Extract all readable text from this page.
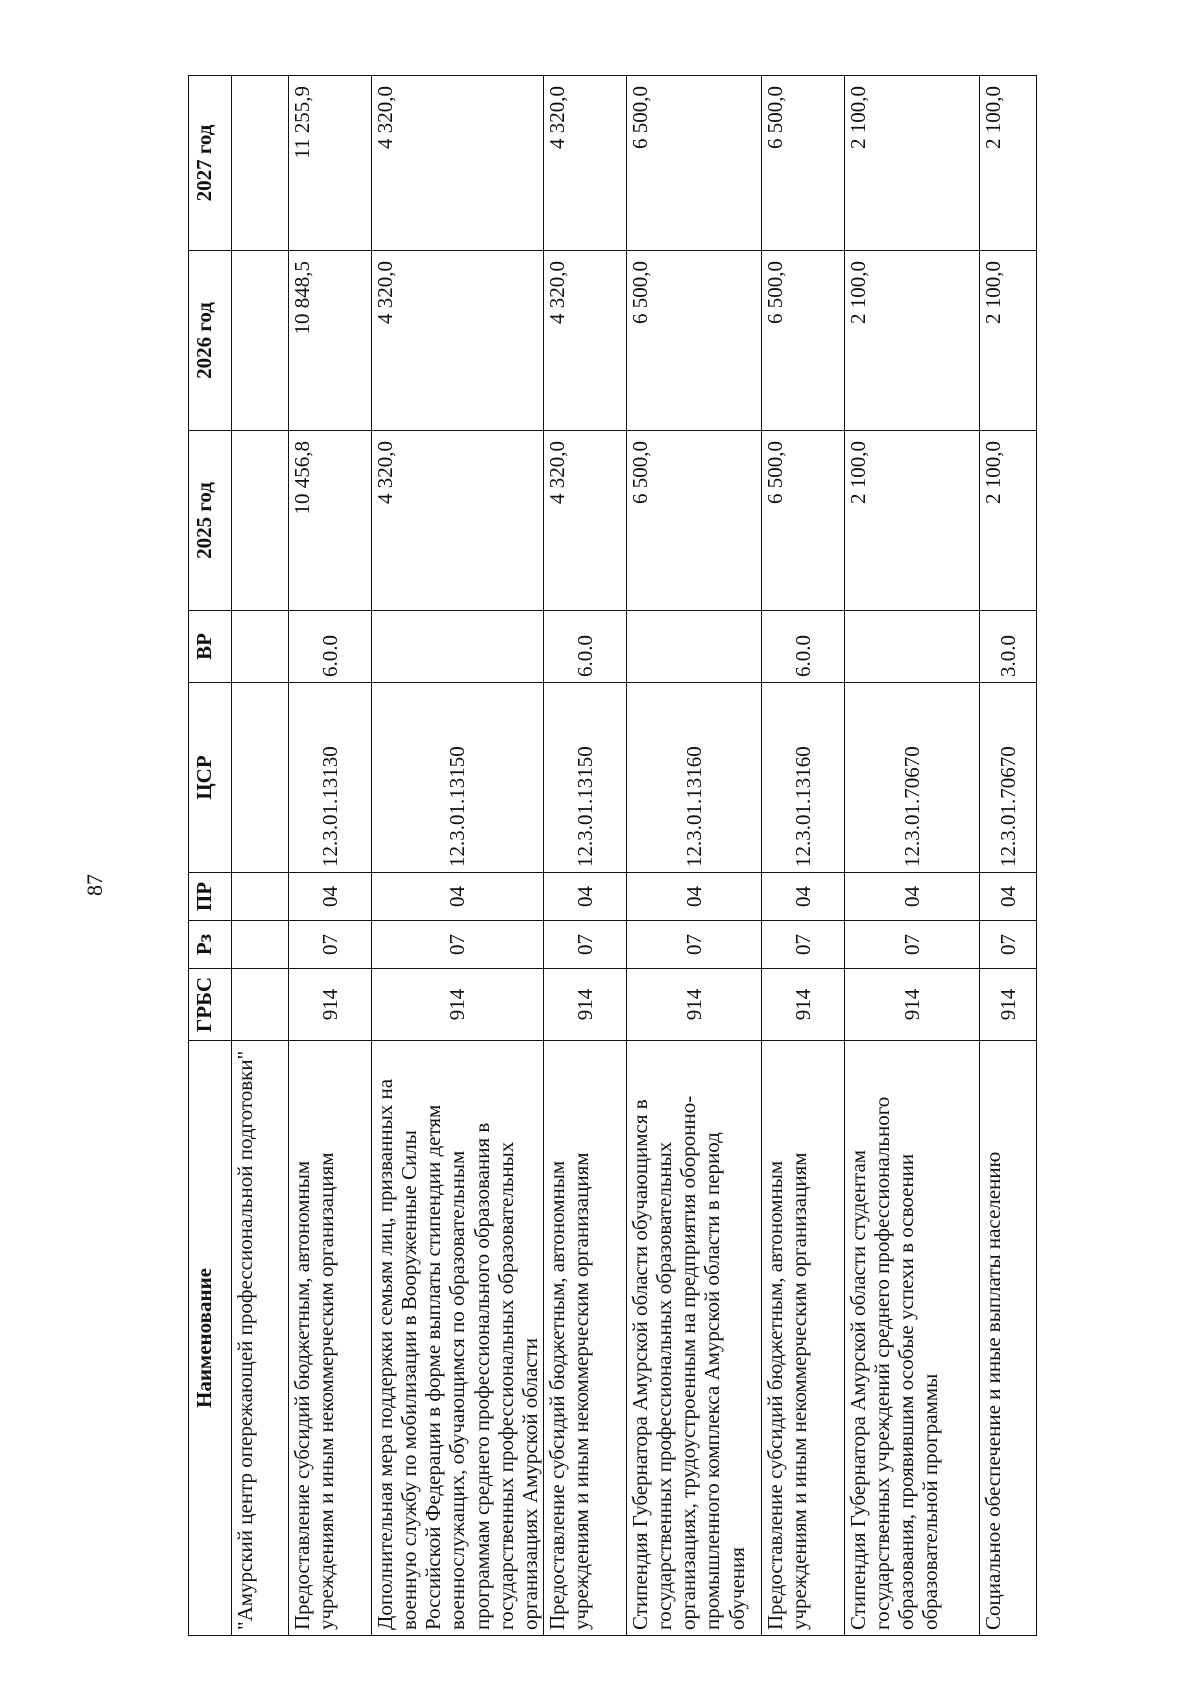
87
Наименование	ГРБС	Рз	ПР	ЦСР	ВР	2025 год	2026 год	2027 год
"Амурский центр опережающей профессиональной подготовки"								
Предоставление субсидий бюджетным, автономным учреждениям и иным некоммерческим организациям	914	07	04	12.3.01.13130	6.0.0	10 456,8	10 848,5	11 255,9
Дополнительная мера поддержки семьям лиц, призванных на военную службу по мобилизации в Вооруженные Силы Российской Федерации в форме выплаты стипендии детям военнослужащих, обучающимся по образовательным программам среднего профессионального образования в государственных профессиональных образовательных организациях Амурской области	914	07	04	12.3.01.13150		4 320,0	4 320,0	4 320,0
Предоставление субсидий бюджетным, автономным учреждениям и иным некоммерческим организациям	914	07	04	12.3.01.13150	6.0.0	4 320,0	4 320,0	4 320,0
Стипендия Губернатора Амурской области обучающимся в государственных профессиональных образовательных организациях, трудоустроенным на предприятия оборонно-промышленного комплекса Амурской области в период обучения	914	07	04	12.3.01.13160		6 500,0	6 500,0	6 500,0
Предоставление субсидий бюджетным, автономным учреждениям и иным некоммерческим организациям	914	07	04	12.3.01.13160	6.0.0	6 500,0	6 500,0	6 500,0
Стипендия Губернатора Амурской области студентам государственных учреждений среднего профессионального образования, проявившим особые успехи в освоении образовательной программы	914	07	04	12.3.01.70670		2 100,0	2 100,0	2 100,0
Социальное обеспечение и иные выплаты населению	914	07	04	12.3.01.70670	3.0.0	2 100,0	2 100,0	2 100,0
